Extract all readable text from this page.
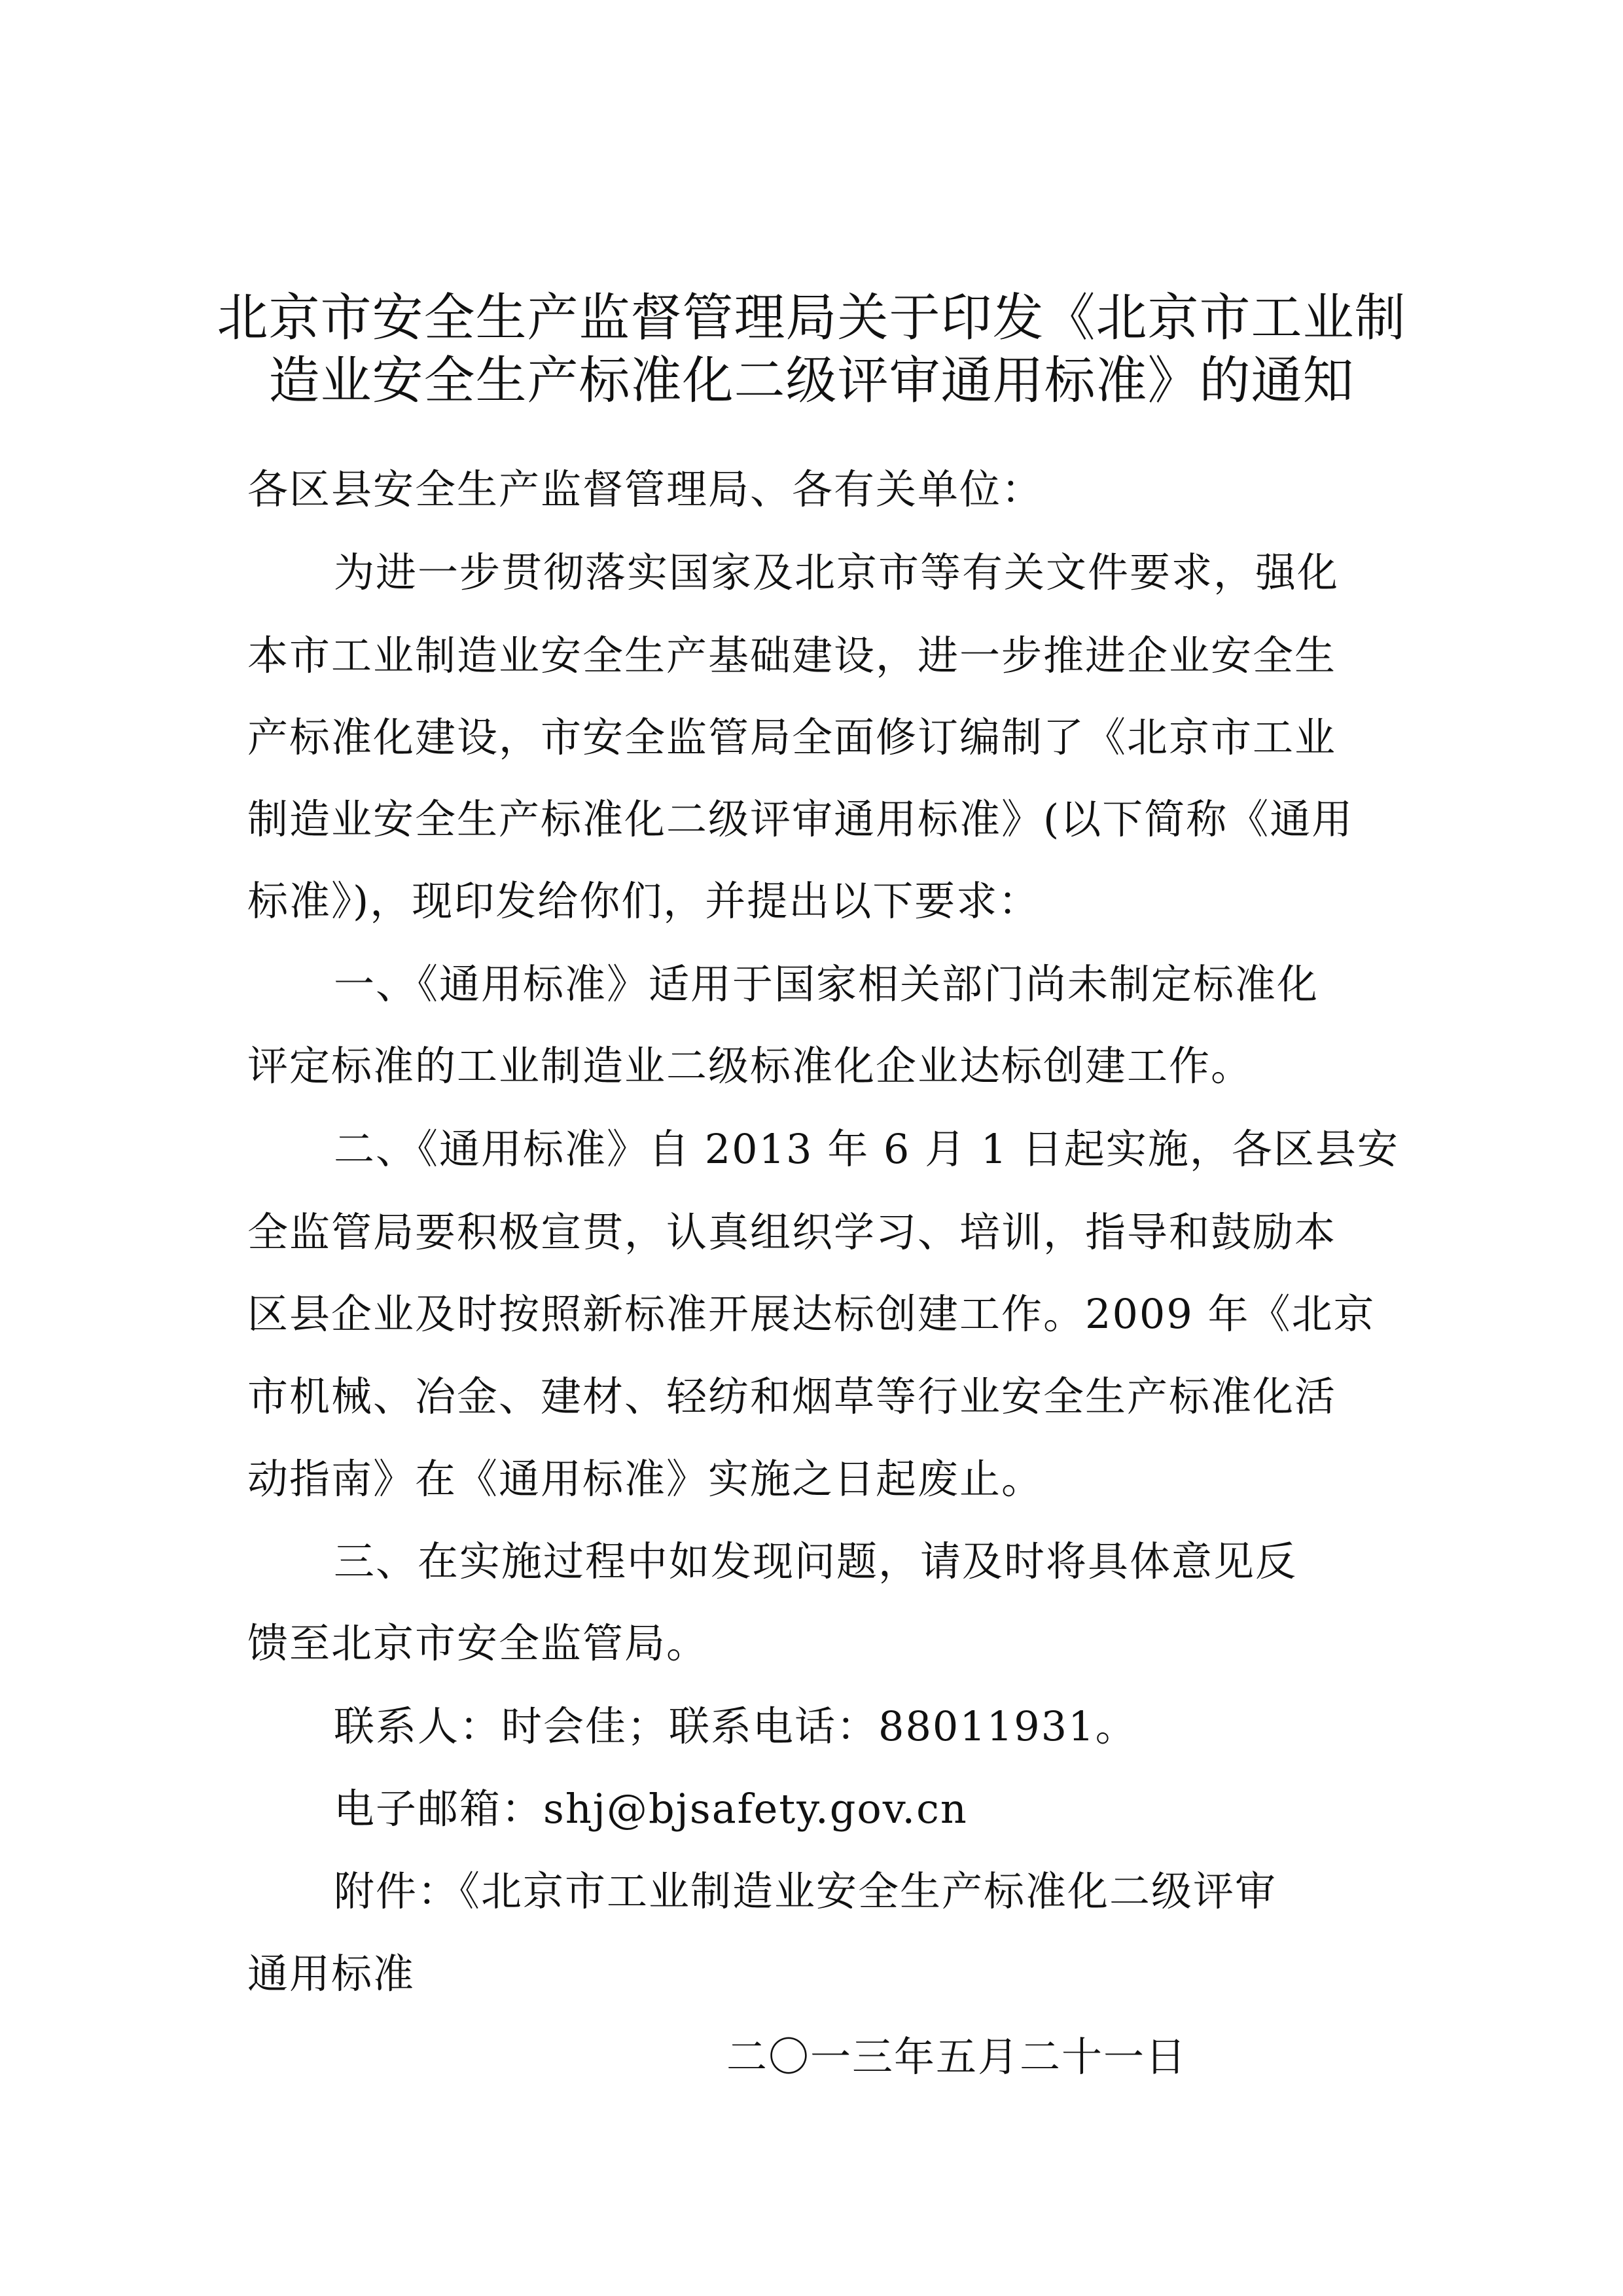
北京市安全生产监督管理局关于印发《北京市工业制
造业安全生产标准化二级评审通用标准》的通知
各区县安全生产监督管理局、各有关单位：
为进一步贯彻落实国家及北京市等有关文件要求，强化
本市工业制造业安全生产基础建设，进一步推进企业安全生
产标准化建设，市安全监管局全面修订编制了《北京市工业
制造业安全生产标准化二级评审通用标准》(以下简称《通用
标准》)，现印发给你们，并提出以下要求：
一、《通用标准》适用于国家相关部门尚未制定标准化
评定标准的工业制造业二级标准化企业达标创建工作。
二、《通用标准》自 2013 年 6 月 1 日起实施，各区县安
全监管局要积极宣贯，认真组织学习、培训，指导和鼓励本
区县企业及时按照新标准开展达标创建工作。2009 年《北京
市机械、冶金、建材、轻纺和烟草等行业安全生产标准化活
动指南》在《通用标准》实施之日起废止。
三、在实施过程中如发现问题，请及时将具体意见反
馈至北京市安全监管局。
联系人：时会佳；联系电话：88011931。
电子邮箱：shj@bjsafety.gov.cn
附件：《北京市工业制造业安全生产标准化二级评审
通用标准
二〇一三年五月二十一日
